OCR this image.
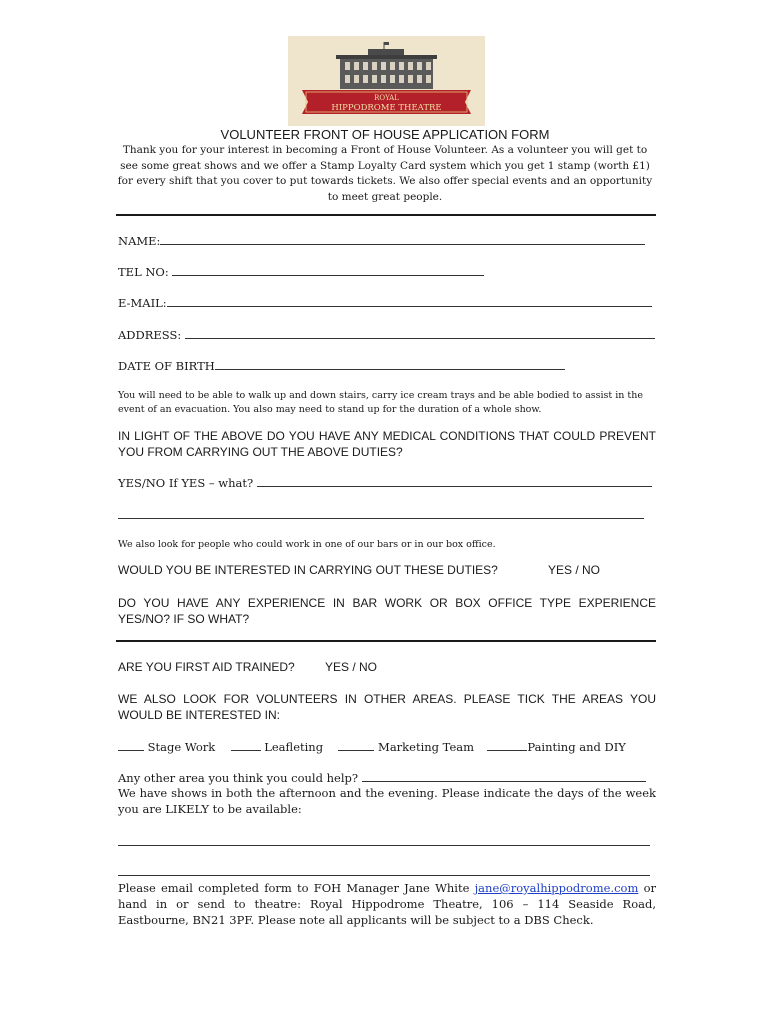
ROYAL
HIPPODROME THEATRE
VOLUNTEER FRONT OF HOUSE APPLICATION FORM
Thank you for your interest in becoming a Front of House Volunteer. As a volunteer you will get to see some great shows and we offer a Stamp Loyalty Card system which you get 1 stamp (worth £1) for every shift that you cover to put towards tickets. We also offer special events and an opportunity to meet great people.
NAME:
TEL NO:
E-MAIL:
ADDRESS:
DATE OF BIRTH
You will need to be able to walk up and down stairs, carry ice cream trays and be able bodied to assist in the event of an evacuation. You also may need to stand up for the duration of a whole show.
IN LIGHT OF THE ABOVE DO YOU HAVE ANY MEDICAL CONDITIONS THAT COULD PREVENT YOU FROM CARRYING OUT THE ABOVE DUTIES?
YES/NO If YES – what?
We also look for people who could work in one of our bars or in our box office.
WOULD YOU BE INTERESTED IN CARRYING OUT THESE DUTIES?	YES / NO
DO YOU HAVE ANY EXPERIENCE IN BAR WORK OR BOX OFFICE TYPE EXPERIENCE YES/NO? IF SO WHAT?
ARE YOU FIRST AID TRAINED?	YES / NO
WE ALSO LOOK FOR VOLUNTEERS IN OTHER AREAS. PLEASE TICK THE AREAS YOU WOULD BE INTERESTED IN:
Stage Work	Leafleting	Marketing Team	Painting and DIY
Any other area you think you could help?
We have shows in both the afternoon and the evening. Please indicate the days of the week you are LIKELY to be available:
Please email completed form to FOH Manager Jane White jane@royalhippodrome.com or hand in or send to theatre: Royal Hippodrome Theatre, 106 – 114 Seaside Road, Eastbourne, BN21 3PF. Please note all applicants will be subject to a DBS Check.
